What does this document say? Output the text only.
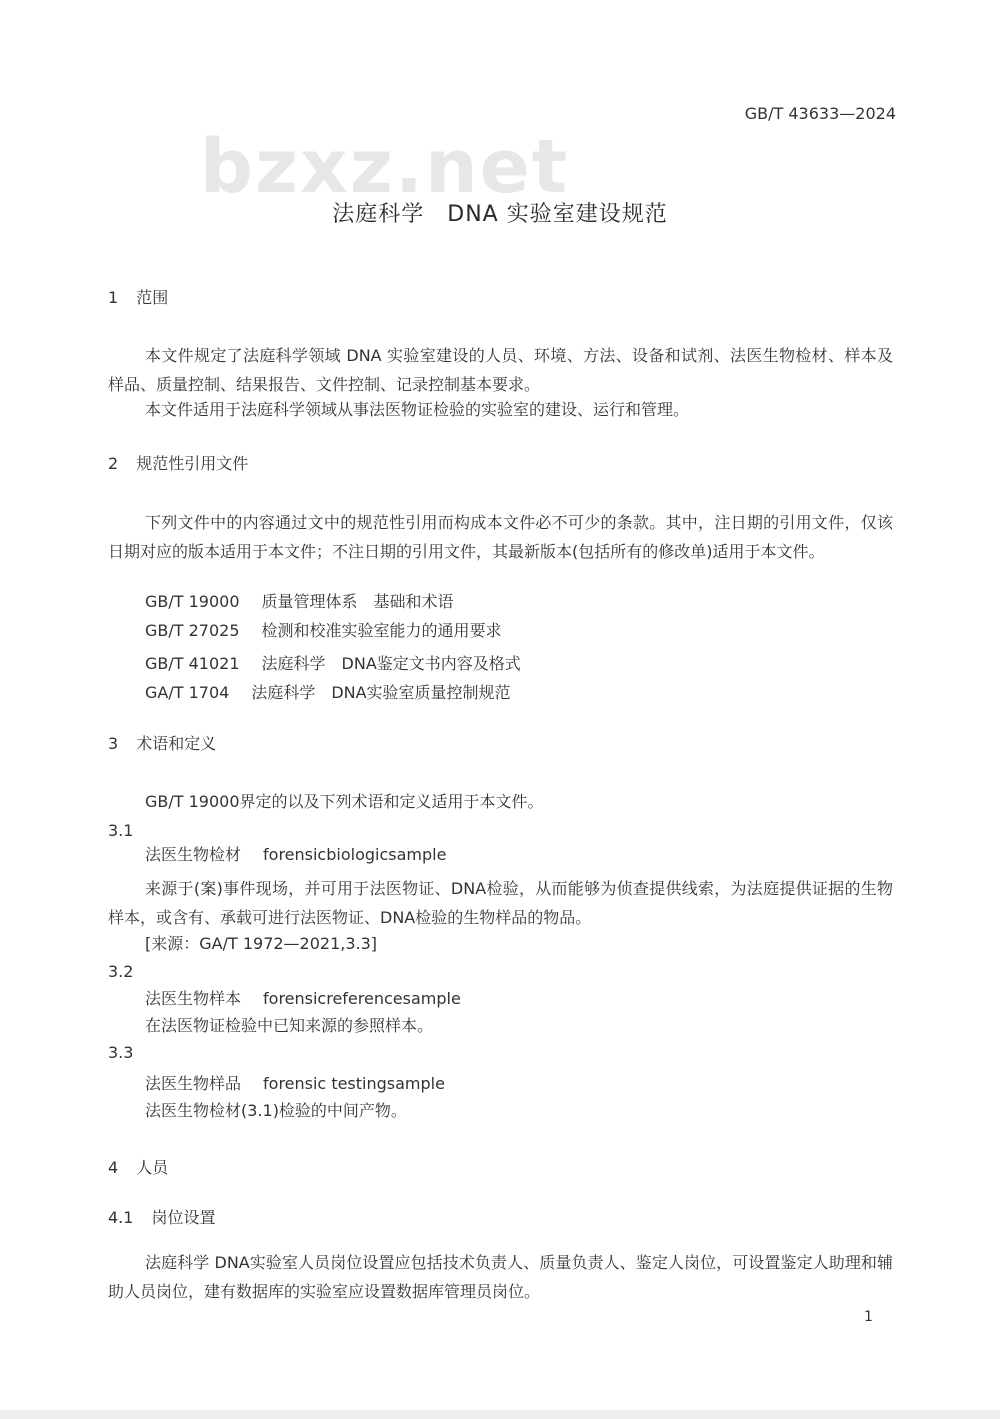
GB/T 43633—2024
bzxz.net
法庭科学　DNA 实验室建设规范
1 范围
本文件规定了法庭科学领域 DNA 实验室建设的人员、环境、方法、设备和试剂、法医生物检材、样本及样品、质量控制、结果报告、文件控制、记录控制基本要求。
本文件适用于法庭科学领域从事法医物证检验的实验室的建设、运行和管理。
2 规范性引用文件
下列文件中的内容通过文中的规范性引用而构成本文件必不可少的条款。其中，注日期的引用文件，仅该日期对应的版本适用于本文件；不注日期的引用文件，其最新版本(包括所有的修改单)适用于本文件。
GB/T 19000 质量管理体系　基础和术语
GB/T 27025 检测和校准实验室能力的通用要求
GB/T 41021 法庭科学　DNA鉴定文书内容及格式
GA/T 1704 法庭科学　DNA实验室质量控制规范
3 术语和定义
GB/T 19000界定的以及下列术语和定义适用于本文件。
3.1
法医生物检材 forensicbiologicsample
来源于(案)事件现场，并可用于法医物证、DNA检验，从而能够为侦查提供线索，为法庭提供证据的生物样本，或含有、承载可进行法医物证、DNA检验的生物样品的物品。
[来源：GA/T 1972—2021,3.3]
3.2
法医生物样本 forensicreferencesample
在法医物证检验中已知来源的参照样本。
3.3
法医生物样品 forensic testingsample
法医生物检材(3.1)检验的中间产物。
4 人员
4.1 岗位设置
法庭科学 DNA实验室人员岗位设置应包括技术负责人、质量负责人、鉴定人岗位，可设置鉴定人助理和辅助人员岗位，建有数据库的实验室应设置数据库管理员岗位。
1
